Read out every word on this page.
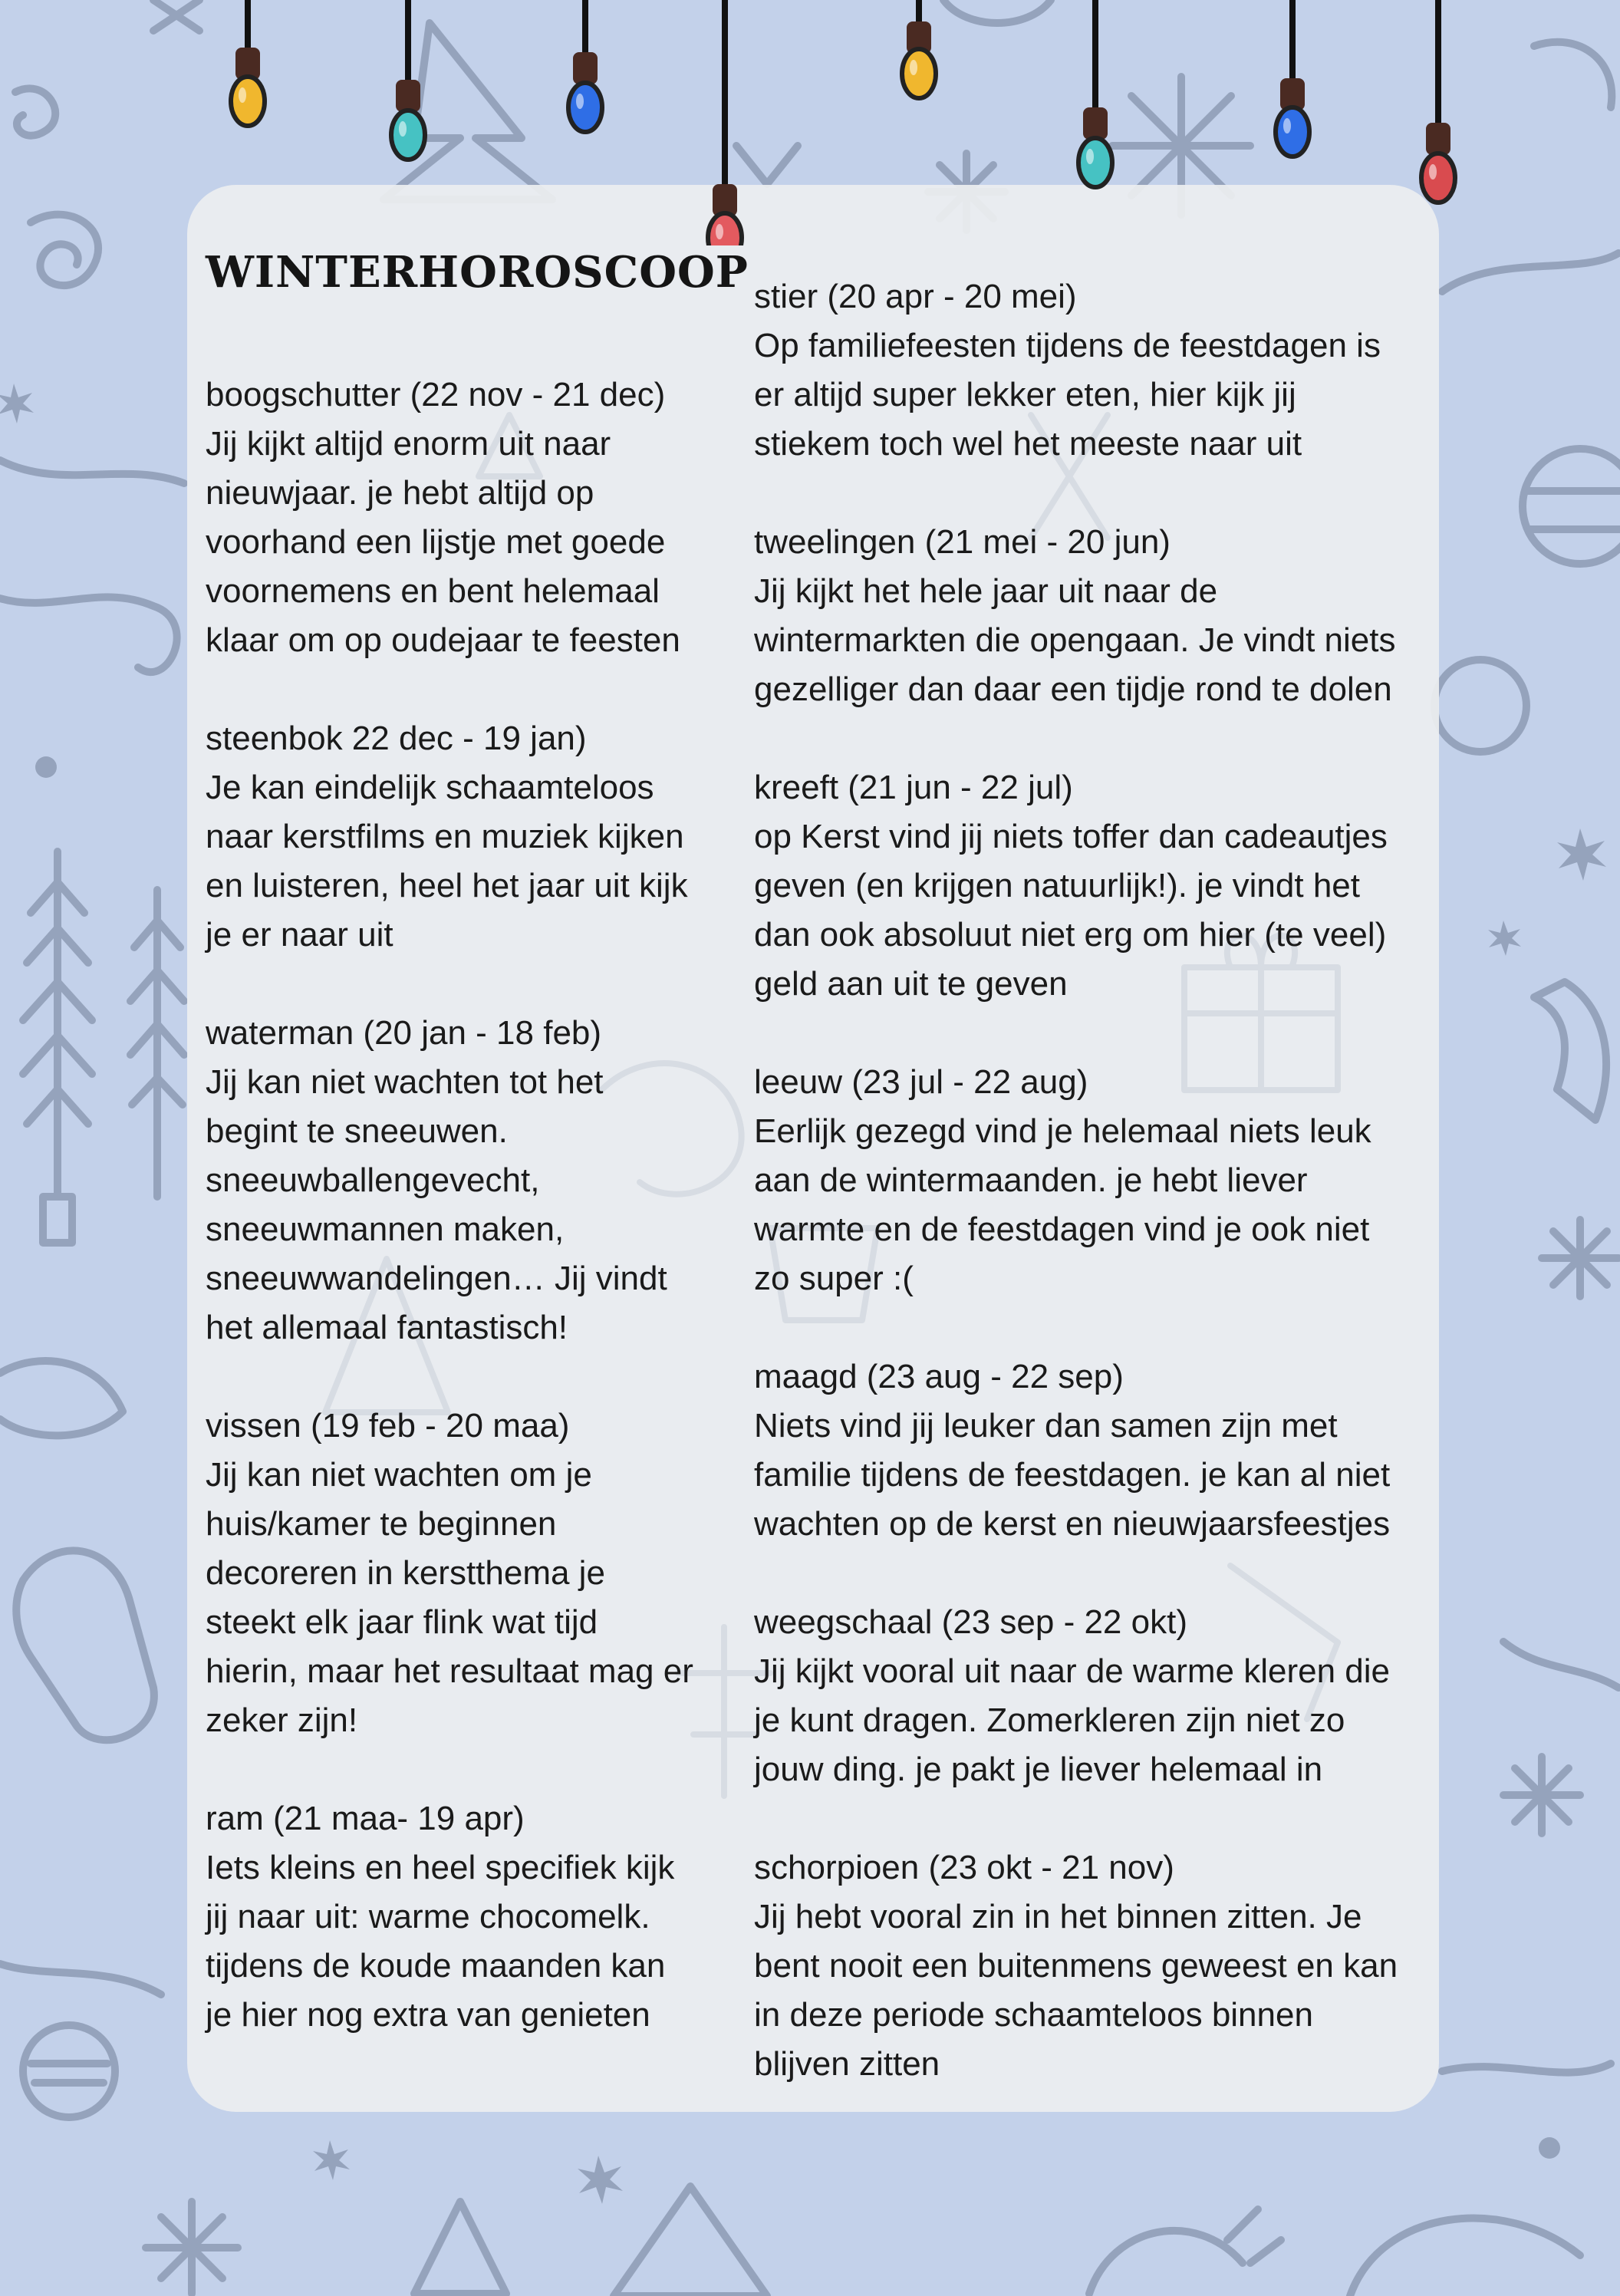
WINTERHOROSCOOP

boogschutter (22 nov - 21 dec)

Jij kijkt altijd enorm uit naar

nieuwjaar. je hebt altijd op

voorhand een lijstje met goede

voornemens en bent helemaal

klaar om op oudejaar te feesten

steenbok 22 dec - 19 jan)

Je kan eindelijk schaamteloos

naar kerstfilms en muziek kijken

en luisteren, heel het jaar uit kijk

je er naar uit

waterman (20 jan - 18 feb)

Jij kan niet wachten tot het

begint te sneeuwen.

sneeuwballengevecht,

sneeuwmannen maken,

sneeuwwandelingen… Jij vindt

het allemaal fantastisch!

vissen (19 feb - 20 maa)

Jij kan niet wachten om je

huis/kamer te beginnen

decoreren in kerstthema je

steekt elk jaar flink wat tijd

hierin, maar het resultaat mag er

zeker zijn!

ram (21 maa- 19 apr)

Iets kleins en heel specifiek kijk

jij naar uit: warme chocomelk.

tijdens de koude maanden kan

je hier nog extra van genieten

stier (20 apr - 20 mei)

Op familiefeesten tijdens de feestdagen is

er altijd super lekker eten, hier kijk jij

stiekem toch wel het meeste naar uit

tweelingen (21 mei - 20 jun)

Jij kijkt het hele jaar uit naar de

wintermarkten die opengaan. Je vindt niets

gezelliger dan daar een tijdje rond te dolen

kreeft (21 jun - 22 jul)

op Kerst vind jij niets toffer dan cadeautjes

geven (en krijgen natuurlijk!). je vindt het

dan ook absoluut niet erg om hier (te veel)

geld aan uit te geven

leeuw (23 jul - 22 aug)

Eerlijk gezegd vind je helemaal niets leuk

aan de wintermaanden. je hebt liever

warmte en de feestdagen vind je ook niet

zo super :(

maagd (23 aug - 22 sep)

Niets vind jij leuker dan samen zijn met

familie tijdens de feestdagen. je kan al niet

wachten op de kerst en nieuwjaarsfeestjes

weegschaal (23 sep - 22 okt)

Jij kijkt vooral uit naar de warme kleren die

je kunt dragen. Zomerkleren zijn niet zo

jouw ding. je pakt je liever helemaal in

schorpioen (23 okt - 21 nov)

Jij hebt vooral zin in het binnen zitten. Je

bent nooit een buitenmens geweest en kan

in deze periode schaamteloos binnen

blijven zitten
